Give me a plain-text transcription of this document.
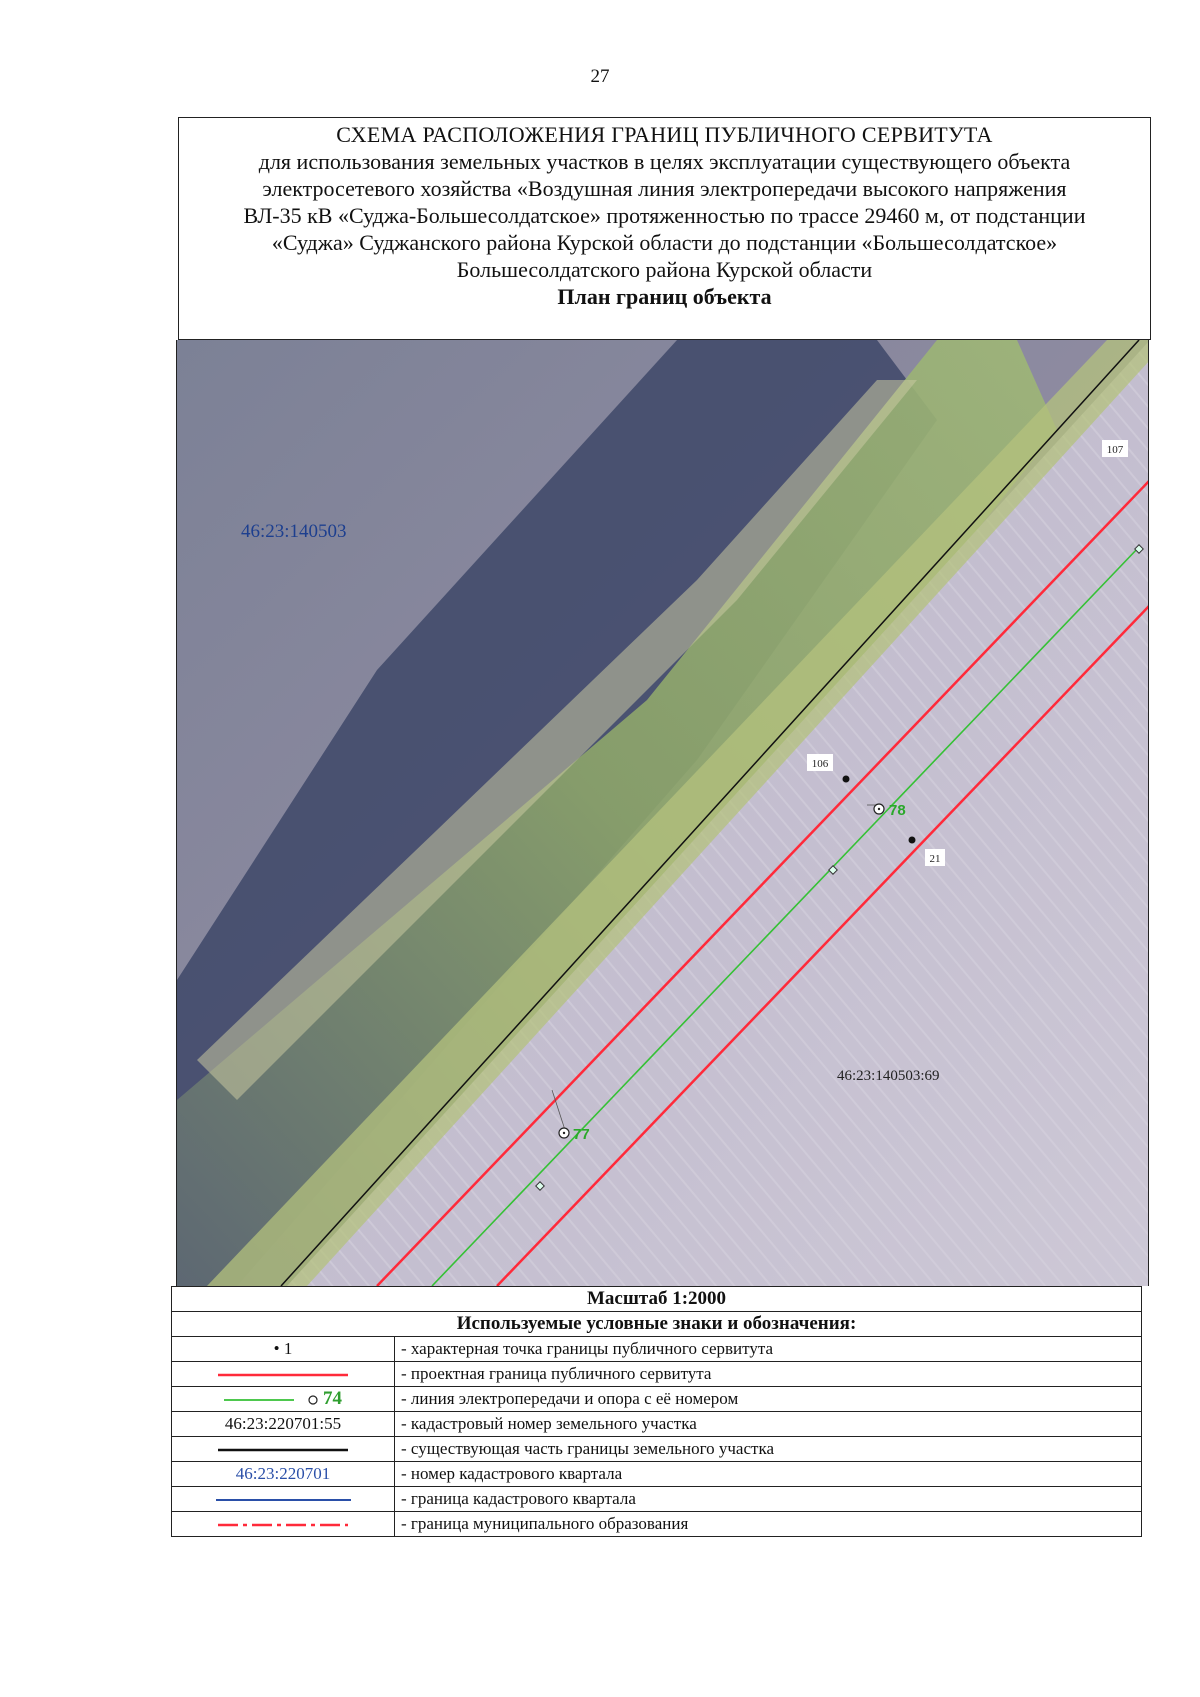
27
СХЕМА РАСПОЛОЖЕНИЯ ГРАНИЦ ПУБЛИЧНОГО СЕРВИТУТА
для использования земельных участков в целях эксплуатации существующего объекта
электросетевого хозяйства «Воздушная линия электропередачи высокого напряжения
ВЛ-35 кВ «Суджа-Большесолдатское» протяженностью по трассе 29460 м, от подстанции
«Суджа» Суджанского района Курской области до подстанции «Большесолдатское»
Большесолдатского района Курской области
План границ объекта
107
106
21
78
77
46:23:140503
46:23:140503:69
Масштаб 1:2000	
Используемые условные знаки и обозначения:	
• 1	- характерная точка границы публичного сервитута
	- проектная граница публичного сервитута
74	- линия электропередачи и опора с её номером
46:23:220701:55	- кадастровый номер земельного участка
	- существующая часть границы земельного участка
46:23:220701	- номер кадастрового квартала
	- граница кадастрового квартала
	- граница муниципального образования
